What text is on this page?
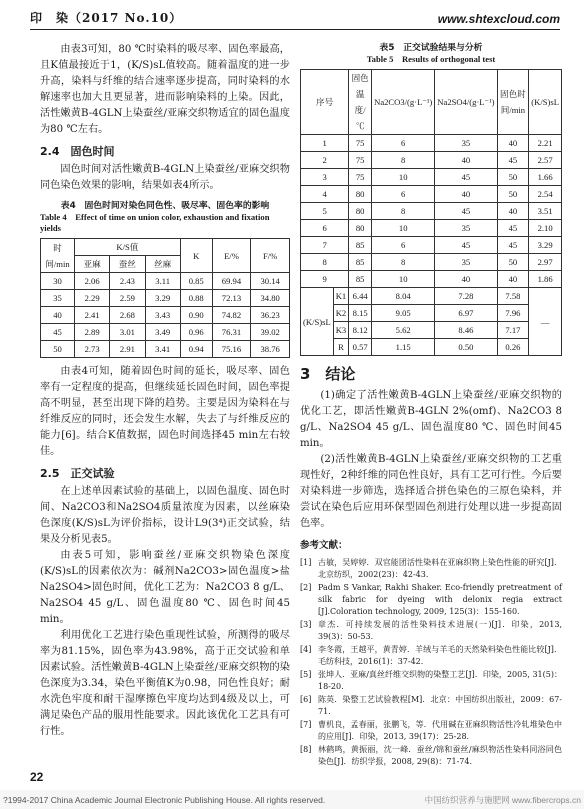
印　染（2017 No.10）	www.shtexcloud.com

由表3可知，80 ℃时染料的吸尽率、固色率最高，且K值最接近于1，(K/S)sL值较高。随着温度的进一步升高，染料与纤维的结合速率逐步提高，同时染料的水解速率也加大且更显著，进而影响染料的上染。因此，活性嫩黄B-4GLN上染蚕丝/亚麻交织物适宜的固色温度为80 ℃左右。

2.4　固色时间

固色时间对活性嫩黄B-4GLN上染蚕丝/亚麻交织物同色染色效果的影响，结果如表4所示。

表4　固色时间对染色同色性、吸尽率、固色率的影响
Table 4　Effect of time on union color, exhaustion and fixation yields
时间/min	K/S值			K	E/%	F/%
	亚麻	蚕丝	丝麻			
30	2.06	2.43	3.11	0.85	69.94	30.14
35	2.29	2.59	3.29	0.88	72.13	34.80
40	2.41	2.68	3.43	0.90	74.82	36.23
45	2.89	3.01	3.49	0.96	76.31	39.02
50	2.73	2.91	3.41	0.94	75.16	38.76

由表4可知，随着固色时间的延长，吸尽率、固色率有一定程度的提高，但继续延长固色时间，固色率提高不明显，甚至出现下降的趋势。主要是因为染料在与纤维反应的同时，还会发生水解，失去了与纤维反应的能力[6]。结合K值数据，固色时间选择45 min左右较佳。

2.5　正交试验

在上述单因素试验的基础上，以固色温度、固色时间、Na2CO3和Na2SO4质量浓度为因素，以丝麻染色深度(K/S)sL为评价指标，设计L9(3⁴)正交试验，结果及分析见表5。

由表5可知，影响蚕丝/亚麻交织物染色深度(K/S)sL的因素依次为：碱剂Na2CO3>固色温度>盐Na2SO4>固色时间，优化工艺为：Na2CO3 8 g/L、Na2SO4 45 g/L、固色温度80 ℃、固色时间45 min。

利用优化工艺进行染色重现性试验，所测得的吸尽率为81.15%，固色率为43.98%，高于正交试验和单因素试验。活性嫩黄B-4GLN上染蚕丝/亚麻交织物的染色深度为3.34，染色平衡值K为0.98，同色性良好；耐水洗色牢度和耐干湿摩擦色牢度均达到4级及以上，可满足染色产品的服用性能要求。因此该优化工艺具有可行性。

表5　正交试验结果与分析
Table 5　Results of orthogonal test
序号		固色温度/℃	Na2CO3/(g·L⁻¹)	Na2SO4/(g·L⁻¹)	固色时间/min	(K/S)sL
1		75	6	35	40	2.21
2		75	8	40	45	2.57
3		75	10	45	50	1.66
4		80	6	40	50	2.54
5		80	8	45	40	3.51
6		80	10	35	45	2.10
7		85	6	45	45	3.29
8		85	8	35	50	2.97
9		85	10	40	40	1.86
(K/S)sL	K1	6.44	8.04	7.28	7.58	—
	K2	8.15	9.05	6.97	7.96	
	K3	8.12	5.62	8.46	7.17	
	R	0.57	1.15	0.50	0.26	
3　结论

(1)确定了活性嫩黄B-4GLN上染蚕丝/亚麻交织物的优化工艺，即活性嫩黄B-4GLN 2%(omf)、Na2CO3 8 g/L、Na2SO4 45 g/L、固色温度80 ℃、固色时间45 min。

(2)活性嫩黄B-4GLN上染蚕丝/亚麻交织物的工艺重现性好，2种纤维的同色性良好，具有工艺可行性。今后要对染料进一步筛选，选择适合拼色染色的三原色染料，并尝试在染色后应用环保型固色剂进行处理以进一步提高固色率。

参考文献：
[1] 古敏，吴婷婷．双官能团活性染料在亚麻织物上染色性能的研究[J]．北京纺织，2002(23)：42-43.
[2] Padm S Vankar, Rakhi Shaker. Eco-friendly pretreatment of silk fabric for dyeing with delonix regia extract [J].Coloration technology, 2009, 125(3)：155-160.
[3] 章杰．可持续发展的活性染料技术进展(一)[J]．印染，2013, 39(3)：50-53.
[4] 李冬霞，王越平，黄青婷．羊绒与羊毛的天然染料染色性能比较[J]．毛纺科技，2016(1)：37-42.
[5] 张坤人．亚麻/真丝纤维交织物的染整工艺[J]．印染，2005, 31(5)：18-20.
[6] 陈英．染整工艺试验教程[M]．北京：中国纺织出版社，2009：67-71.
[7] 曹机良，孟春丽，张鹏飞，等．代用碱在亚麻织物活性冷轧堆染色中的应用[J]．印染，2013, 39(17)：25-28.
[8] 林鹤鸣，黄振丽，沈一峰．蚕丝/锦和蚕丝/麻织物活性染料同浴同色染色[J]．纺织学报，2008, 29(8)：71-74.
22
?1994-2017 China Academic Journal Electronic Publishing House. All rights reserved.	中国纺织营养与施肥网 www.fibercrops.cn
